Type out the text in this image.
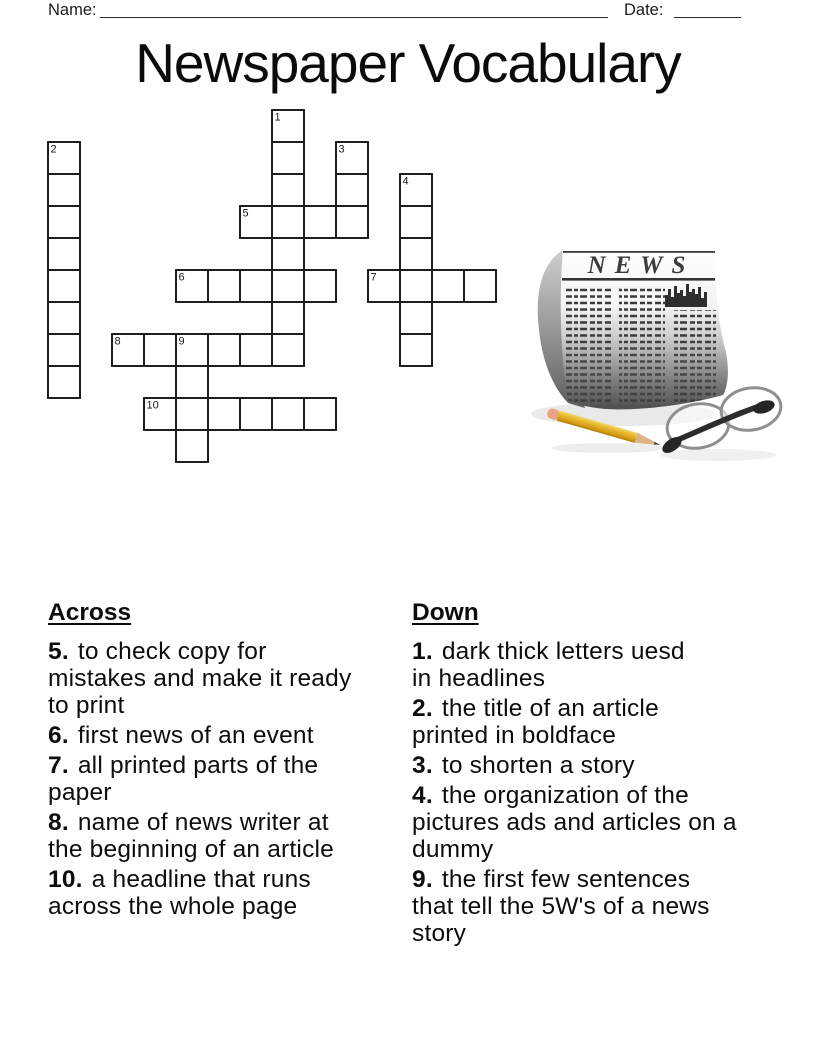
Name:	Date:
Newspaper Vocabulary
1
2	3
4
5
6	7
8	9
10
Across
5. to check copy for
mistakes and make it ready
to print
6. first news of an event
7. all printed parts of the
paper
8. name of news writer at
the beginning of an article
10. a headline that runs
across the whole page
Down
1. dark thick letters uesd
in headlines
2. the title of an article
printed in boldface
3. to shorten a story
4. the organization of the
pictures ads and articles on a
dummy
9. the first few sentences
that tell the 5W's of a news
story
